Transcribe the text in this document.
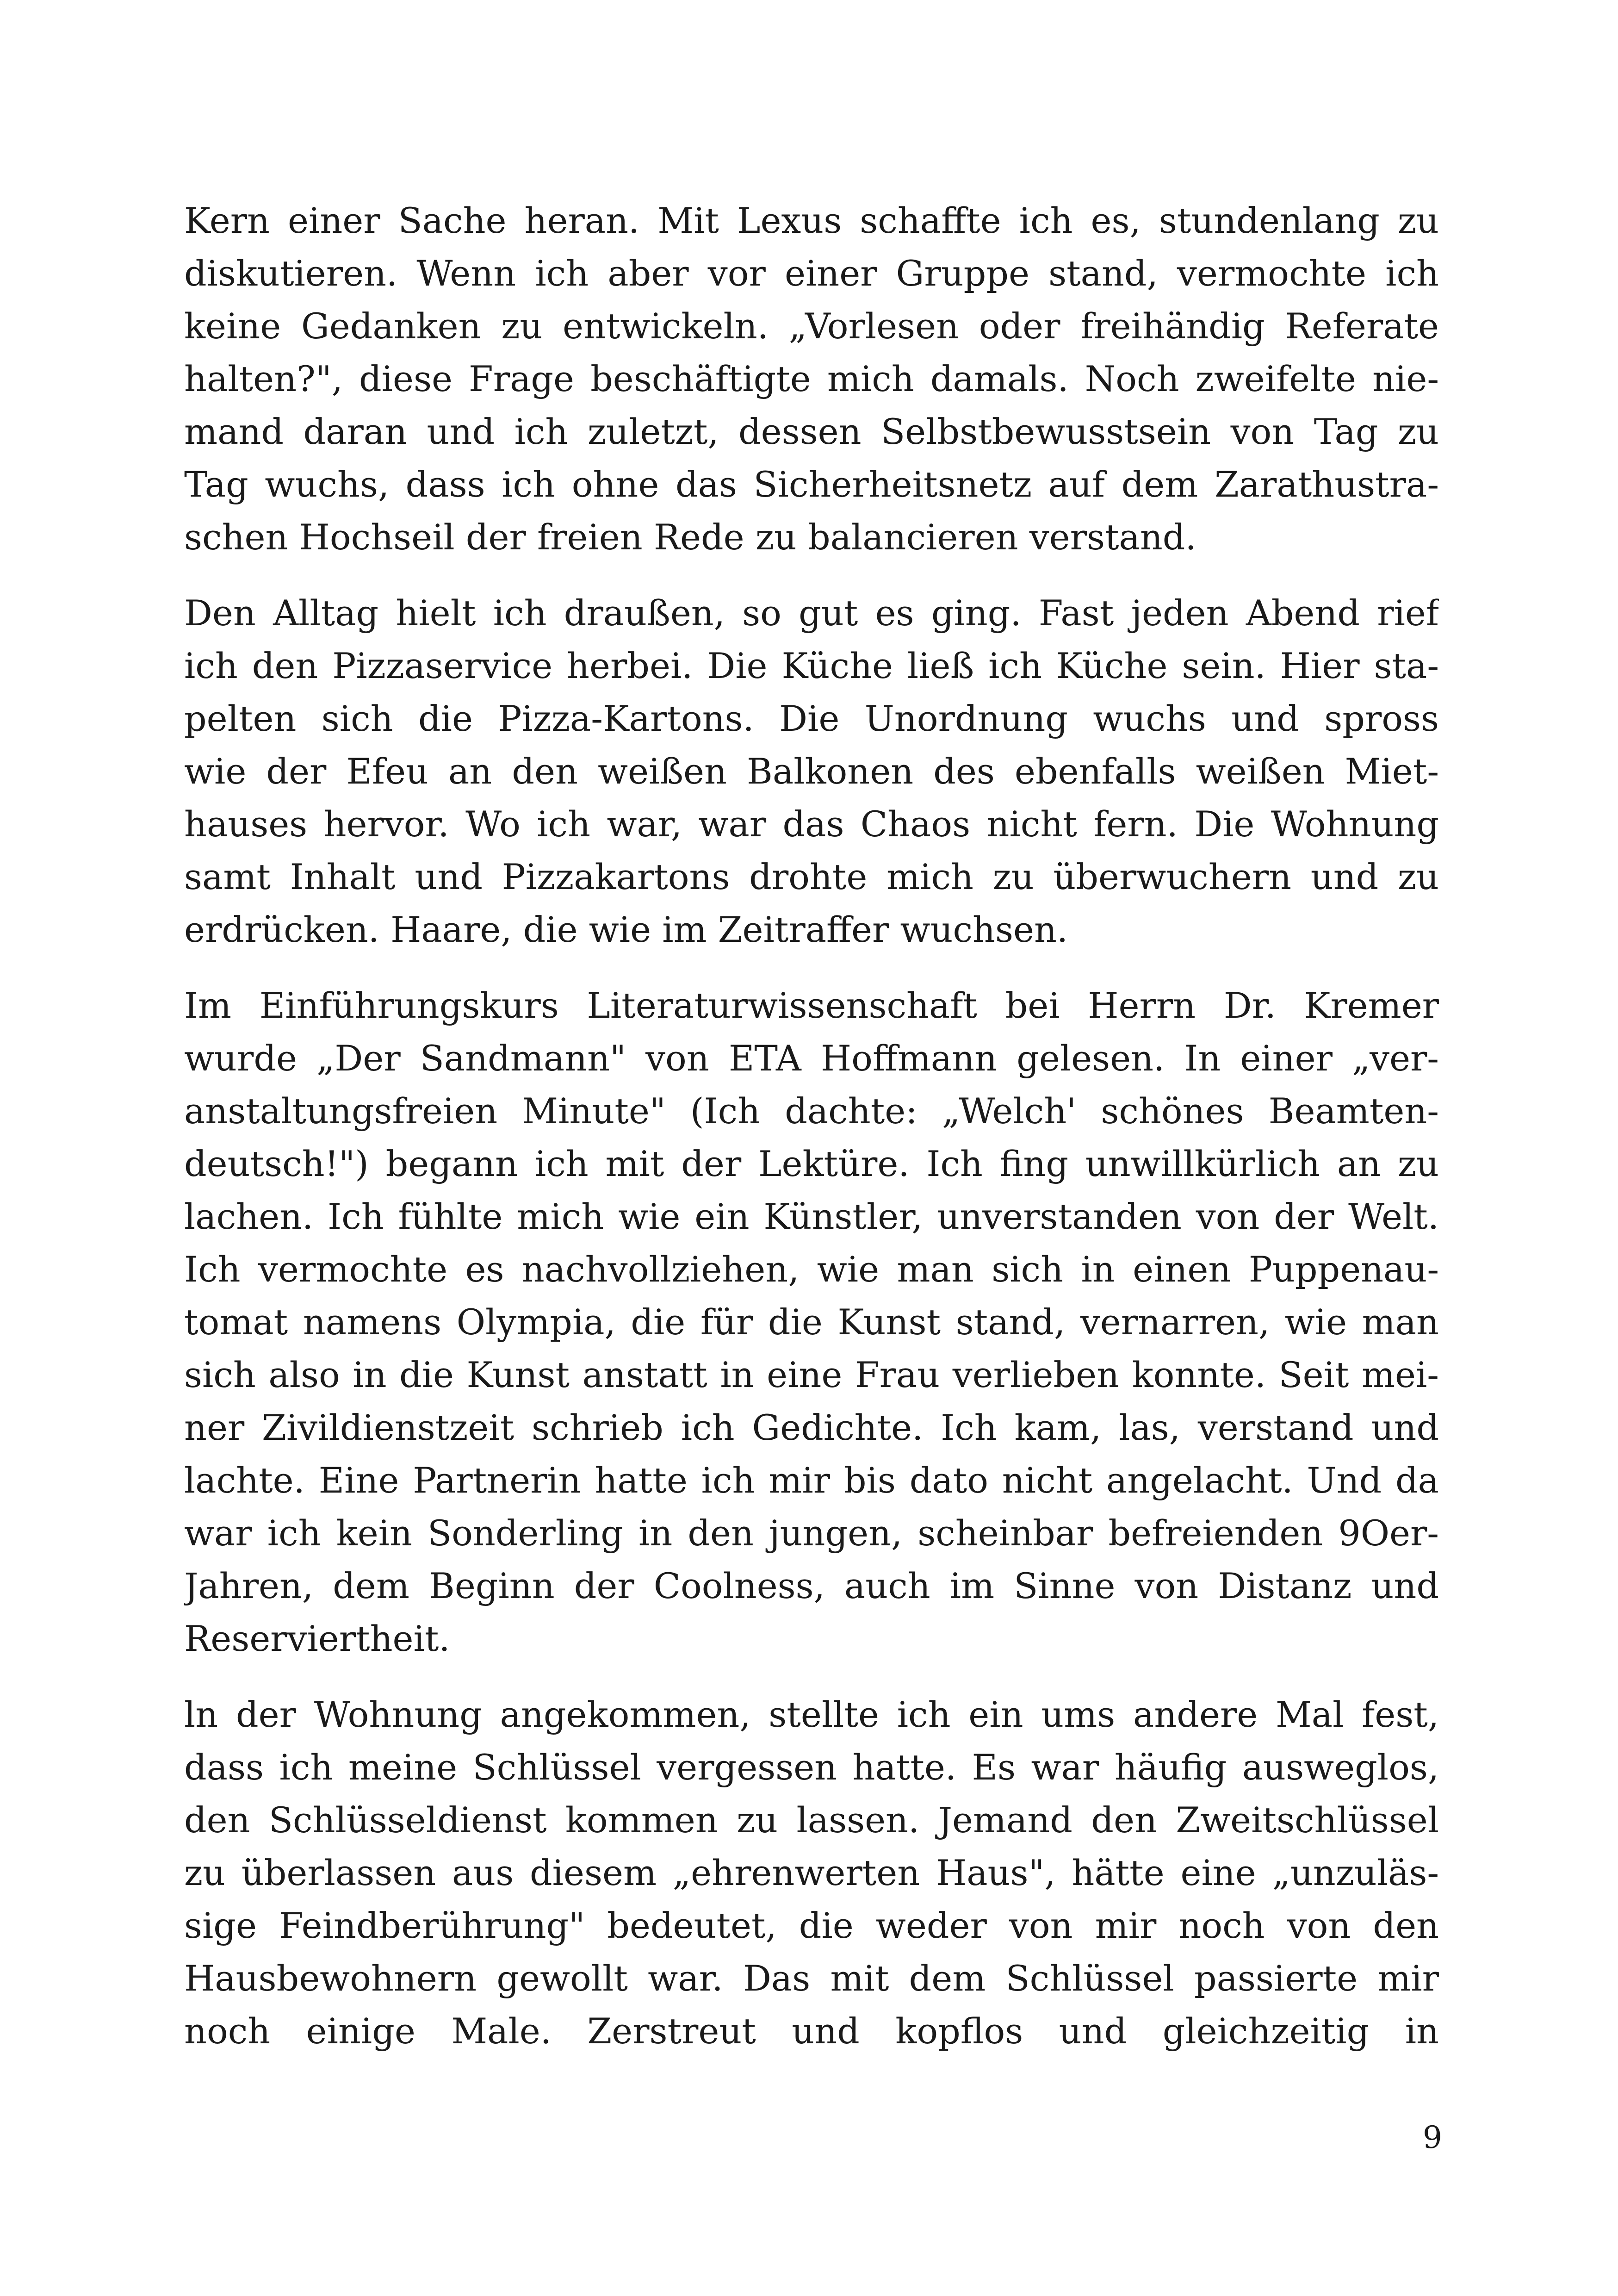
Kern einer Sache heran. Mit Lexus schaffte ich es, stundenlang zu
diskutieren. Wenn ich aber vor einer Gruppe stand, vermochte ich
keine Gedanken zu entwickeln. „Vorlesen oder freihändig Referate
halten?", diese Frage beschäftigte mich damals. Noch zweifelte nie-
mand daran und ich zuletzt, dessen Selbstbewusstsein von Tag zu
Tag wuchs, dass ich ohne das Sicherheitsnetz auf dem Zarathustra-
schen Hochseil der freien Rede zu balancieren verstand.
Den Alltag hielt ich draußen, so gut es ging. Fast jeden Abend rief
ich den Pizzaservice herbei. Die Küche ließ ich Küche sein. Hier sta-
pelten sich die Pizza-Kartons. Die Unordnung wuchs und spross
wie der Efeu an den weißen Balkonen des ebenfalls weißen Miet-
hauses hervor. Wo ich war, war das Chaos nicht fern. Die Wohnung
samt Inhalt und Pizzakartons drohte mich zu überwuchern und zu
erdrücken. Haare, die wie im Zeitraffer wuchsen.
Im Einführungskurs Literaturwissenschaft bei Herrn Dr. Kremer
wurde „Der Sandmann" von ETA Hoffmann gelesen. In einer „ver-
anstaltungsfreien Minute" (Ich dachte: „Welch' schönes Beamten-
deutsch!") begann ich mit der Lektüre. Ich fing unwillkürlich an zu
lachen. Ich fühlte mich wie ein Künstler, unverstanden von der Welt.
Ich vermochte es nachvollziehen, wie man sich in einen Puppenau-
tomat namens Olympia, die für die Kunst stand, vernarren, wie man
sich also in die Kunst anstatt in eine Frau verlieben konnte. Seit mei-
ner Zivildienstzeit schrieb ich Gedichte. Ich kam, las, verstand und
lachte. Eine Partnerin hatte ich mir bis dato nicht angelacht. Und da
war ich kein Sonderling in den jungen, scheinbar befreienden 9Oer-
Jahren, dem Beginn der Coolness, auch im Sinne von Distanz und
Reserviertheit.
ln der Wohnung angekommen, stellte ich ein ums andere Mal fest,
dass ich meine Schlüssel vergessen hatte. Es war häufig ausweglos,
den Schlüsseldienst kommen zu lassen. Jemand den Zweitschlüssel
zu überlassen aus diesem „ehrenwerten Haus", hätte eine „unzuläs-
sige Feindberührung" bedeutet, die weder von mir noch von den
Hausbewohnern gewollt war. Das mit dem Schlüssel passierte mir
noch einige Male. Zerstreut und kopflos und gleichzeitig in
9
